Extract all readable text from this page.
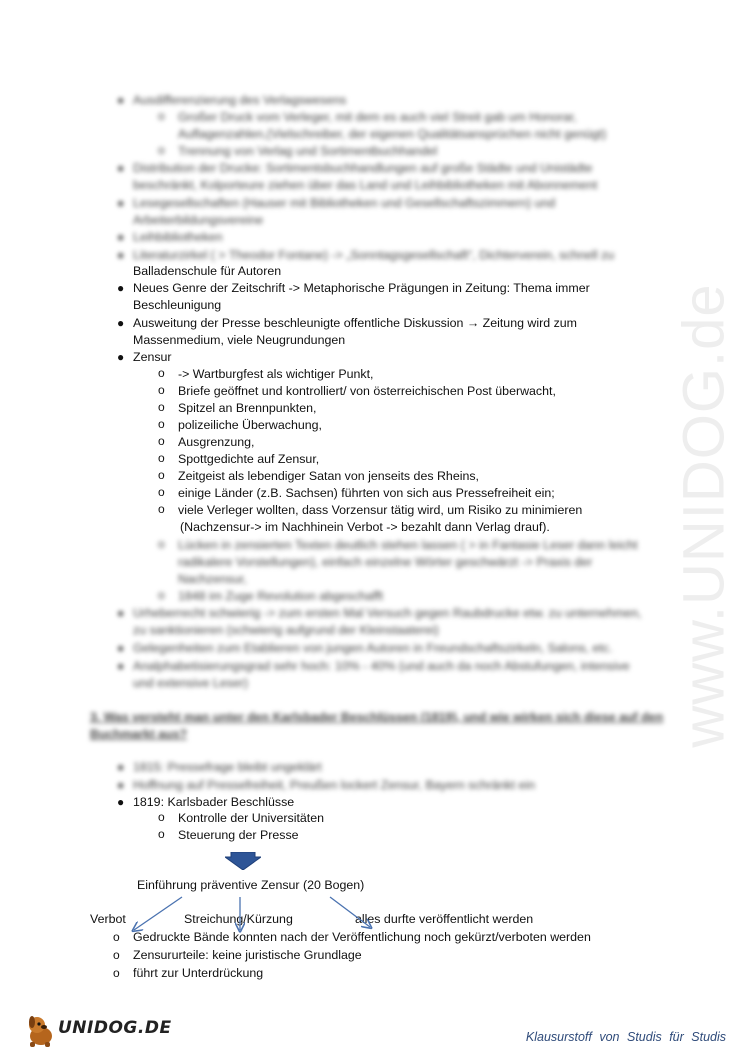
www.UNIDOG.de
● Ausdifferenzierung des Verlagswesens
o Großer Druck vom Verleger, mit dem es auch viel Streit gab um Honorar,
Auflagenzahlen,(Vielschreiber, der eigenen Qualitätsansprüchen nicht genügt)
o Trennung von Verlag und Sortimentbuchhandel
● Distribution der Drucke: Sortimentsbuchhandlungen auf große Städte und Unistädte
beschränkt, Kolporteure ziehen über das Land und Leihbibliotheken mit Abonnement
● Lesegesellschaften (Hauser mit Bibliotheken und Gesellschaftszimmern) und
Arbeiterbildungsvereine
● Leihbibliotheken
● Literaturzirkel ( > Theodor Fontane) -> „Sonntagsgesellschaft“, Dichterverein, schnell zu
Balladenschule für Autoren
● Neues Genre der Zeitschrift -> Metaphorische Prägungen in Zeitung: Thema immer
Beschleunigung
● Ausweitung der Presse beschleunigte offentliche Diskussion → Zeitung wird zum
Massenmedium, viele Neugrundungen
● Zensur
o -> Wartburgfest als wichtiger Punkt,
o Briefe geöffnet und kontrolliert/ von österreichischen Post überwacht,
o Spitzel an Brennpunkten,
o polizeiliche Überwachung,
o Ausgrenzung,
o Spottgedichte auf Zensur,
o Zeitgeist als lebendiger Satan von jenseits des Rheins,
o einige Länder (z.B. Sachsen) führten von sich aus Pressefreiheit ein;
o viele Verleger wollten, dass Vorzensur tätig wird, um Risiko zu minimieren
(Nachzensur-> im Nachhinein Verbot -> bezahlt dann Verlag drauf).
o Lücken in zensierten Texten deutlich stehen lassen ( > in Fantasie Leser dann leicht
radikalere Vorstellungen), einfach einzelne Wörter geschwärzt -> Praxis der
Nachzensur,
o 1848 im Zuge Revolution abgeschafft
● Urheberrecht schwierig -> zum ersten Mal Versuch gegen Raubdrucke etw. zu unternehmen,
zu sanktionieren (schwierig aufgrund der Kleinstaaterei)
● Gelegenheiten zum Etablieren von jungen Autoren in Freundschaftszirkeln, Salons, etc.
● Analphabetisierungsgrad sehr hoch: 10% - 40% (und auch da noch Abstufungen, intensive
und extensive Leser)
3. Was versteht man unter den Karlsbader Beschlüssen (1819), und wie wirken sich diese auf den
Buchmarkt aus?
● 1815: Pressefrage bleibt ungeklärt
● Hoffnung auf Pressefreiheit, Preußen lockert Zensur, Bayern schränkt ein
● 1819: Karlsbader Beschlüsse
o Kontrolle der Universitäten
o Steuerung der Presse
Einführung präventive Zensur (20 Bogen)
Verbot	Streichung/Kürzung	alles durfte veröffentlicht werden
o Gedruckte Bände konnten nach der Veröffentlichung noch gekürzt/verboten werden
o Zensururteile: keine juristische Grundlage
o führt zur Unterdrückung
UNIDOG.DE	Klausurstoff von Studis für Studis
